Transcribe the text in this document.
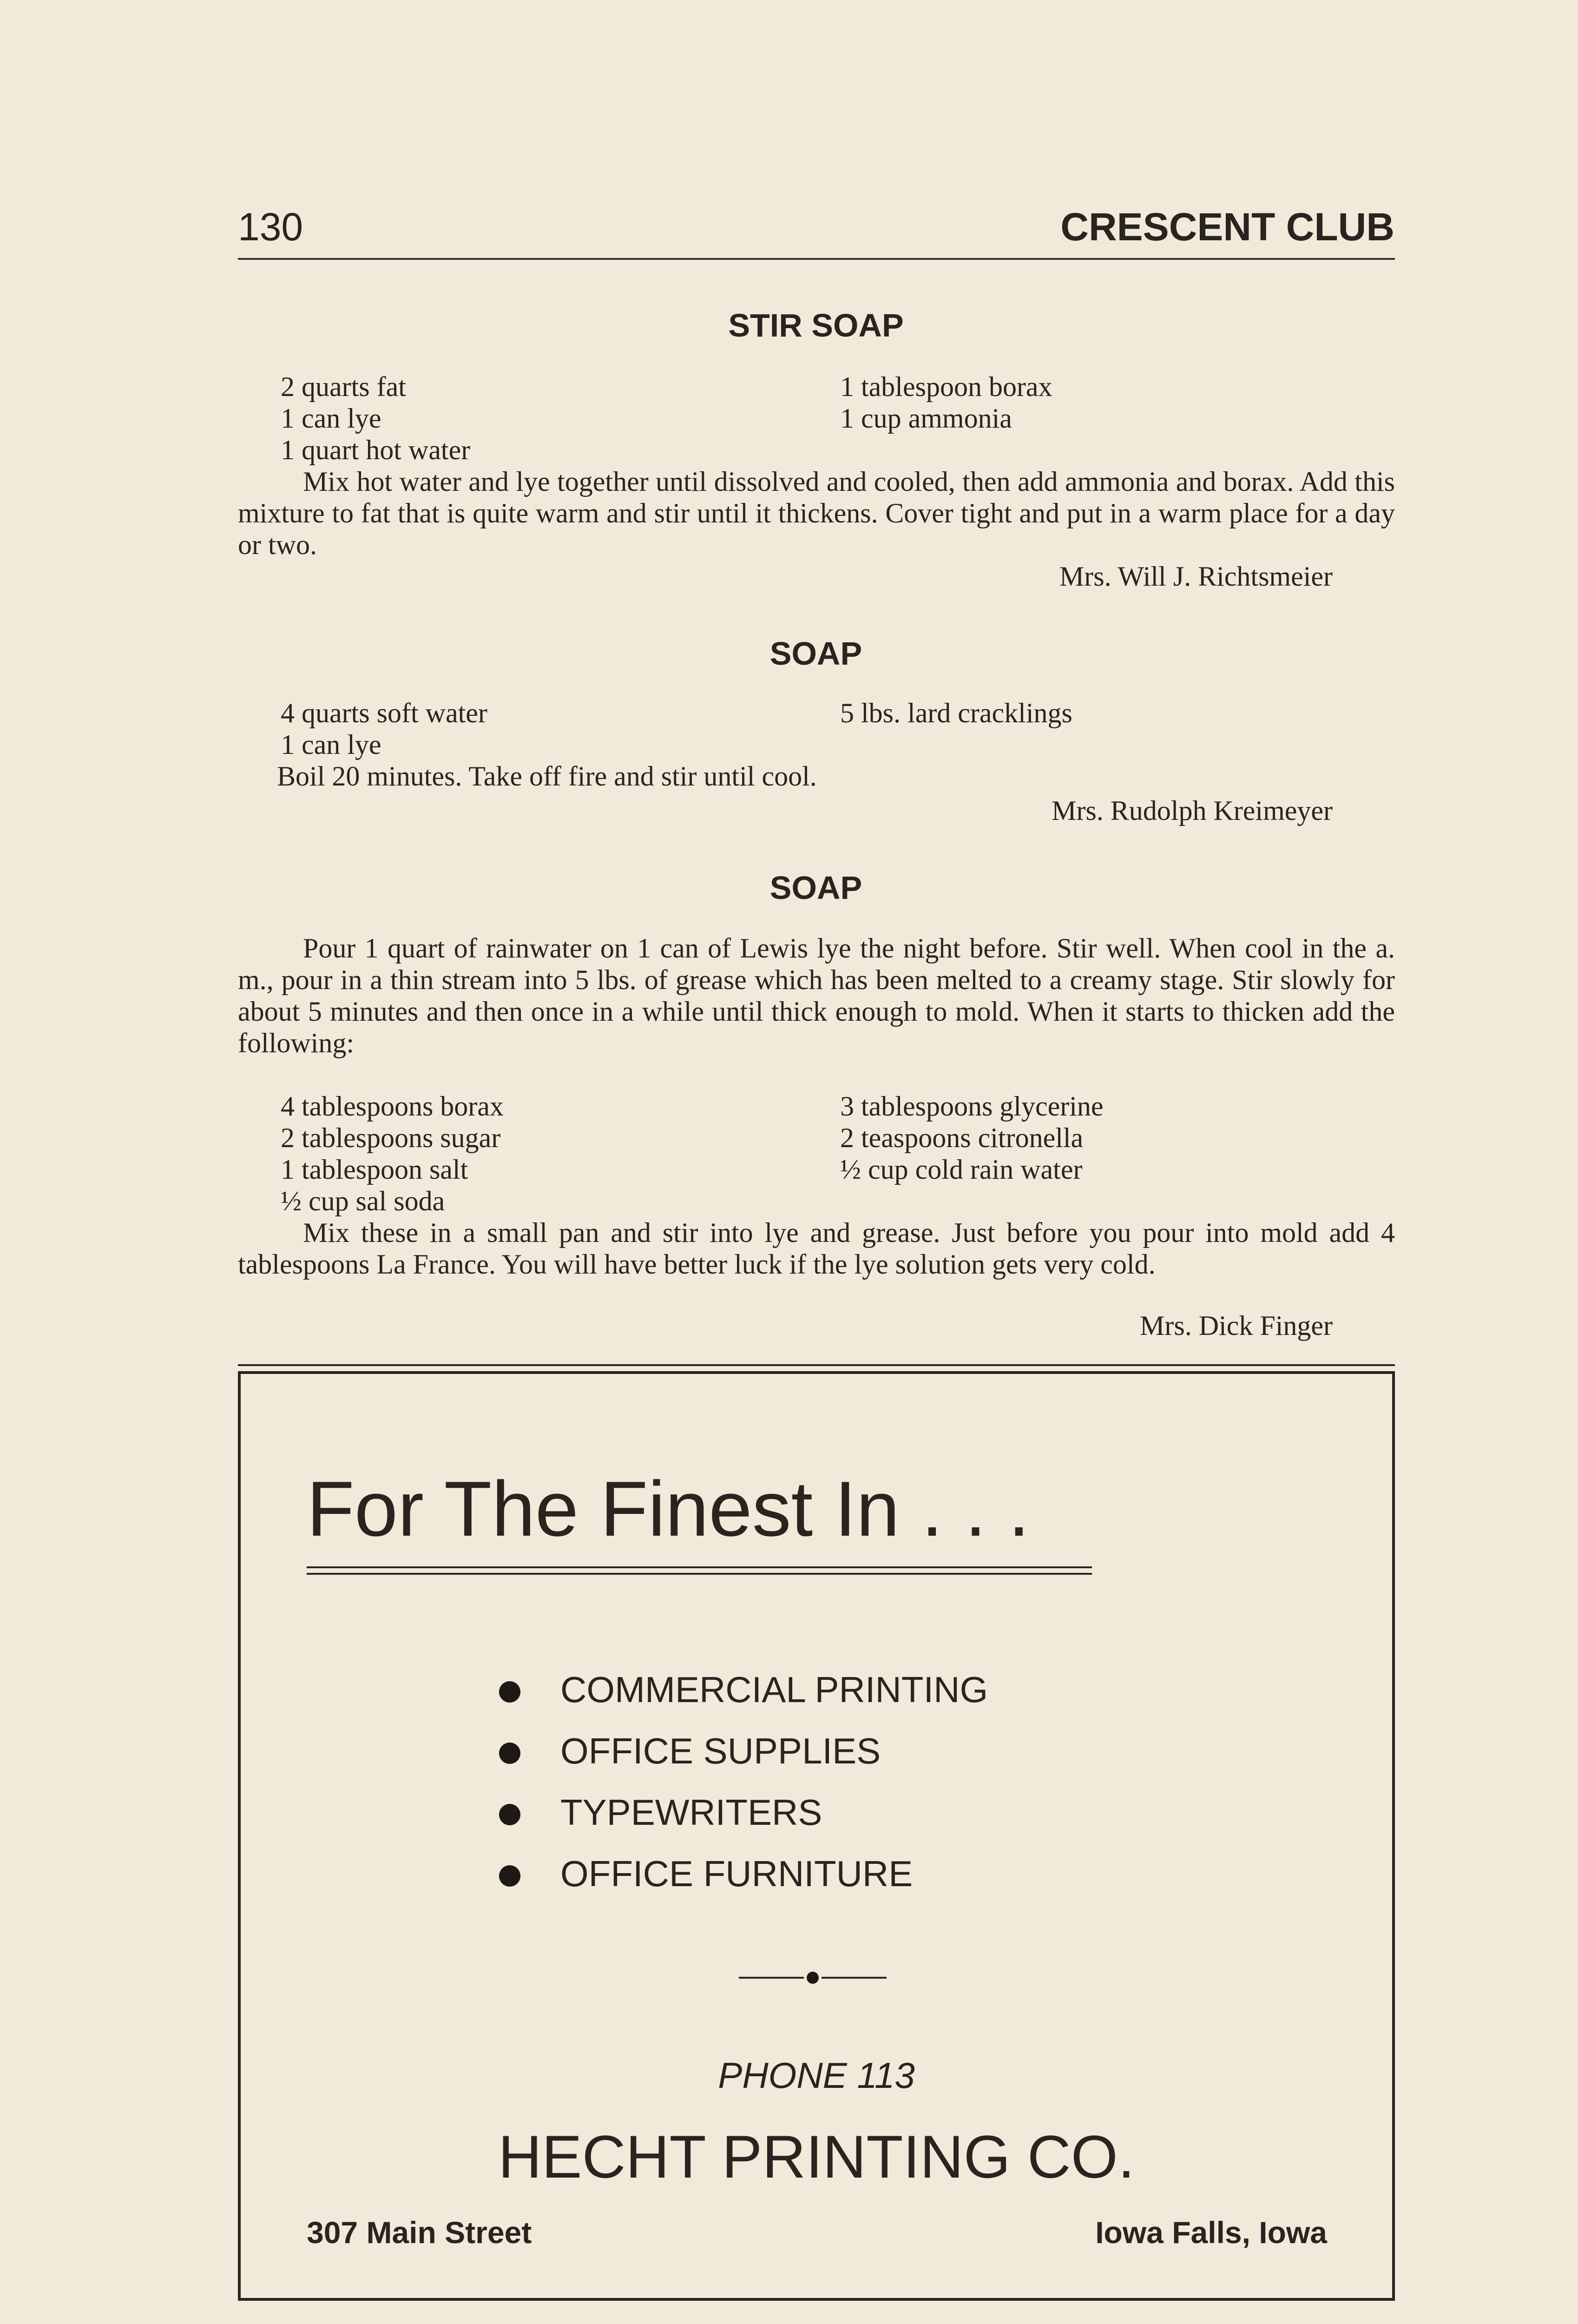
130	CRESCENT CLUB
STIR SOAP
2 quarts fat
1 can lye
1 quart hot water
1 tablespoon borax
1 cup ammonia
Mix hot water and lye together until dissolved and cooled, then add ammonia and borax. Add this mixture to fat that is quite warm and stir until it thickens. Cover tight and put in a warm place for a day or two.
Mrs. Will J. Richtsmeier
SOAP
4 quarts soft water
1 can lye
5 lbs. lard cracklings
Boil 20 minutes. Take off fire and stir until cool.
Mrs. Rudolph Kreimeyer
SOAP
Pour 1 quart of rainwater on 1 can of Lewis lye the night before. Stir well. When cool in the a. m., pour in a thin stream into 5 lbs. of grease which has been melted to a creamy stage. Stir slowly for about 5 minutes and then once in a while until thick enough to mold. When it starts to thicken add the following:
4 tablespoons borax
2 tablespoons sugar
1 tablespoon salt
½ cup sal soda
3 tablespoons glycerine
2 teaspoons citronella
½ cup cold rain water
Mix these in a small pan and stir into lye and grease. Just before you pour into mold add 4 tablespoons La France. You will have better luck if the lye solution gets very cold.
Mrs. Dick Finger
For The Finest In . . .
COMMERCIAL PRINTING
OFFICE SUPPLIES
TYPEWRITERS
OFFICE FURNITURE
PHONE 113
HECHT PRINTING CO.
307 Main Street	Iowa Falls, Iowa
